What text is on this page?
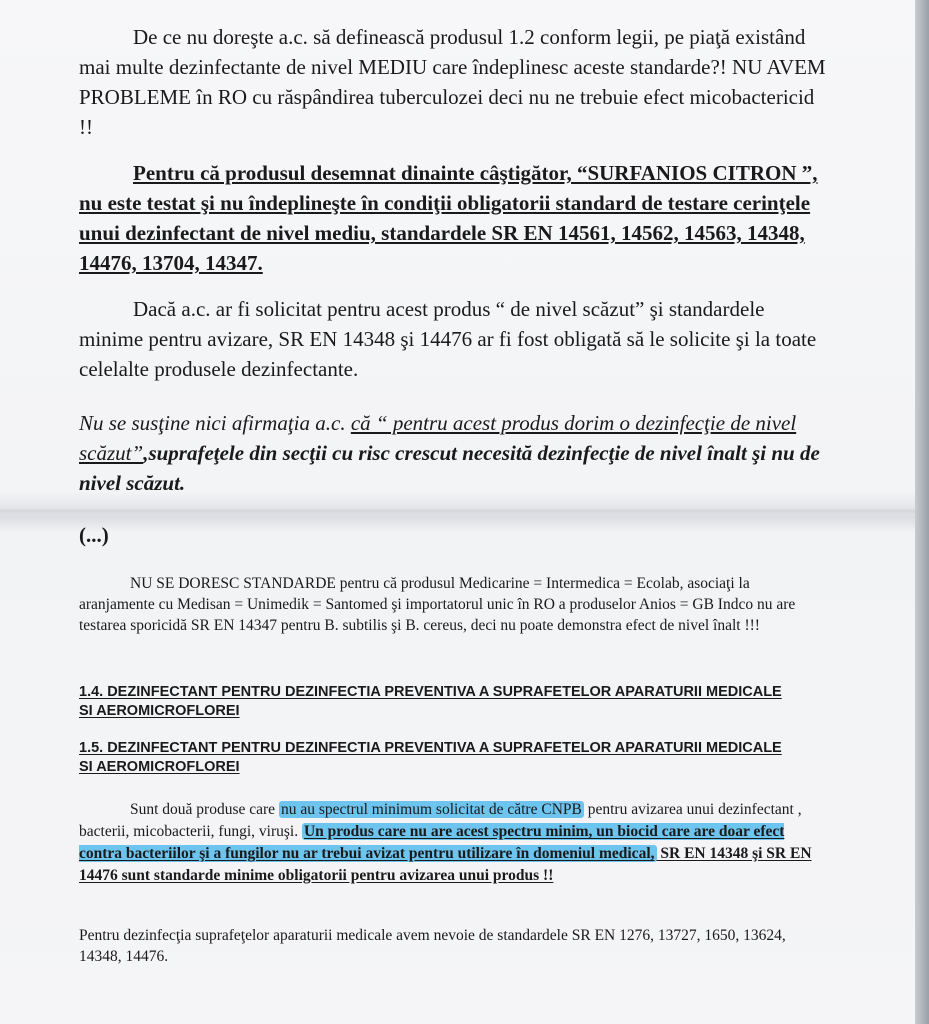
De ce nu doreşte a.c. să definească produsul 1.2 conform legii, pe piaţă existând mai multe dezinfectante de nivel MEDIU care îndeplinesc aceste standarde?! NU AVEM PROBLEME în RO cu răspândirea tuberculozei deci nu ne trebuie efect micobactericid !!

Pentru că produsul desemnat dinainte câştigător, “SURFANIOS CITRON ”, nu este testat şi nu îndeplineşte în condiţii obligatorii standard de testare cerinţele unui dezinfectant de nivel mediu, standardele SR EN 14561, 14562, 14563, 14348, 14476, 13704, 14347.

Dacă a.c. ar fi solicitat pentru acest produs “ de nivel scăzut” şi standardele minime pentru avizare, SR EN 14348 şi 14476 ar fi fost obligată să le solicite şi la toate celelalte produsele dezinfectante.

Nu se susţine nici afirmaţia a.c. că “ pentru acest produs dorim o dezinfecţie de nivel scăzut”,suprafeţele din secţii cu risc crescut necesită dezinfecţie de nivel înalt şi nu de nivel scăzut.

(...)

NU SE DORESC STANDARDE pentru că produsul Medicarine = Intermedica = Ecolab, asociaţi la aranjamente cu Medisan = Unimedik = Santomed şi importatorul unic în RO a produselor Anios = GB Indco nu are testarea sporicidă SR EN 14347 pentru B. subtilis şi B. cereus, deci nu poate demonstra efect de nivel înalt !!!

1.4. DEZINFECTANT PENTRU DEZINFECTIA PREVENTIVA A SUPRAFETELOR APARATURII MEDICALE SI AEROMICROFLOREI

1.5. DEZINFECTANT PENTRU DEZINFECTIA PREVENTIVA A SUPRAFETELOR APARATURII MEDICALE SI AEROMICROFLOREI

Sunt două produse care nu au spectrul minimum solicitat de către CNPB pentru avizarea unui dezinfectant , bacterii, micobacterii, fungi, viruşi. Un produs care nu are acest spectru minim, un biocid care are doar efect contra bacteriilor şi a fungilor nu ar trebui avizat pentru utilizare în domeniul medical, SR EN 14348 şi SR EN 14476 sunt standarde minime obligatorii pentru avizarea unui produs !!

Pentru dezinfecţia suprafeţelor aparaturii medicale avem nevoie de standardele SR EN 1276, 13727, 1650, 13624, 14348, 14476.
